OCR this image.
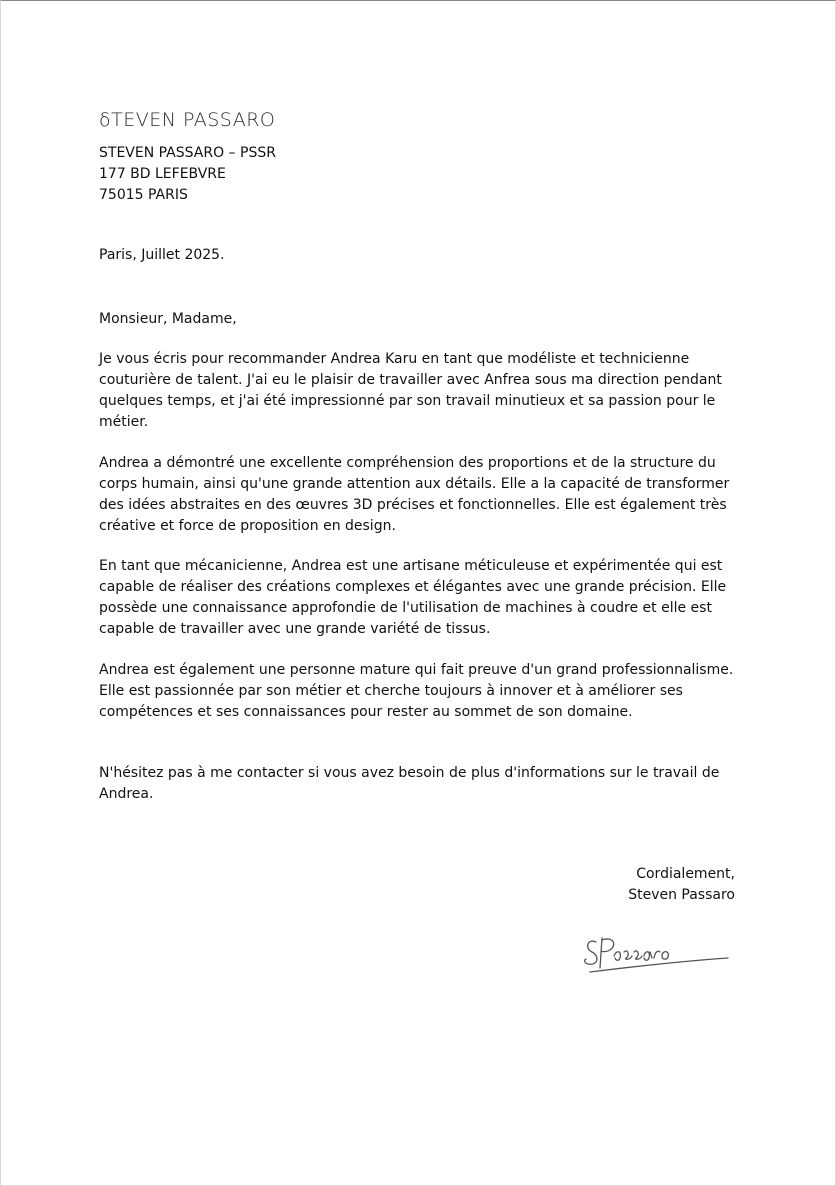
δTEVEN PASSARO
STEVEN PASSARO – PSSR
177 BD LEFEBVRE
75015 PARIS

Paris, Juillet 2025.

Monsieur, Madame,

Je vous écris pour recommander Andrea Karu en tant que modéliste et technicienne couturière de talent. J'ai eu le plaisir de travailler avec Anfrea sous ma direction pendant quelques temps, et j'ai été impressionné par son travail minutieux et sa passion pour le métier.

Andrea a démontré une excellente compréhension des proportions et de la structure du corps humain, ainsi qu'une grande attention aux détails. Elle a la capacité de transformer des idées abstraites en des œuvres 3D précises et fonctionnelles. Elle est également très créative et force de proposition en design.

En tant que mécanicienne, Andrea est une artisane méticuleuse et expérimentée qui est capable de réaliser des créations complexes et élégantes avec une grande précision. Elle possède une connaissance approfondie de l'utilisation de machines à coudre et elle est capable de travailler avec une grande variété de tissus.

Andrea est également une personne mature qui fait preuve d'un grand professionnalisme. Elle est passionnée par son métier et cherche toujours à innover et à améliorer ses compétences et ses connaissances pour rester au sommet de son domaine.

N'hésitez pas à me contacter si vous avez besoin de plus d'informations sur le travail de Andrea.

Cordialement,
Steven Passaro
